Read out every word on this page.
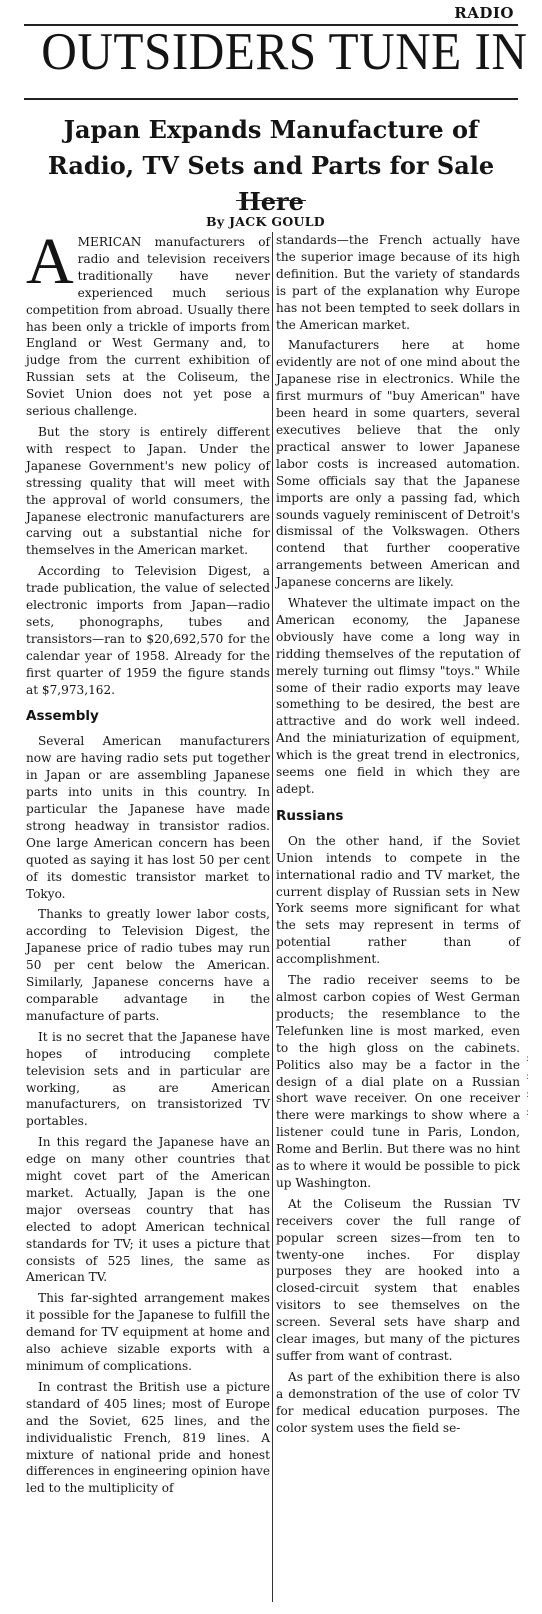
RADIO
OUTSIDERS TUNE IN
Japan Expands Manufacture of Radio, TV Sets and Parts for Sale Here
By JACK GOULD

AMERICAN manufacturers of radio and television receivers traditionally have never experienced much serious competition from abroad. Usually there has been only a trickle of imports from England or West Germany and, to judge from the current exhibition of Russian sets at the Coliseum, the Soviet Union does not yet pose a serious challenge.

But the story is entirely different with respect to Japan. Under the Japanese Government's new policy of stressing quality that will meet with the approval of world consumers, the Japanese electronic manufacturers are carving out a substantial niche for themselves in the American market.

According to Television Digest, a trade publication, the value of selected electronic imports from Japan—radio sets, phonographs, tubes and transistors—ran to $20,692,570 for the calendar year of 1958. Already for the first quarter of 1959 the figure stands at $7,973,162.

Assembly

Several American manufacturers now are having radio sets put together in Japan or are assembling Japanese parts into units in this country. In particular the Japanese have made strong headway in transistor radios. One large American concern has been quoted as saying it has lost 50 per cent of its domestic transistor market to Tokyo.

Thanks to greatly lower labor costs, according to Television Digest, the Japanese price of radio tubes may run 50 per cent below the American. Similarly, Japanese concerns have a comparable advantage in the manufacture of parts.

It is no secret that the Japanese have hopes of introducing complete television sets and in particular are working, as are American manufacturers, on transistorized TV portables.

In this regard the Japanese have an edge on many other countries that might covet part of the American market. Actually, Japan is the one major overseas country that has elected to adopt American technical standards for TV; it uses a picture that consists of 525 lines, the same as American TV.

This far-sighted arrangement makes it possible for the Japanese to fulfill the demand for TV equipment at home and also achieve sizable exports with a minimum of complications.

In contrast the British use a picture standard of 405 lines; most of Europe and the Soviet, 625 lines, and the individualistic French, 819 lines. A mixture of national pride and honest differences in engineering opinion have led to the multiplicity of

standards—the French actually have the superior image because of its high definition. But the variety of standards is part of the explanation why Europe has not been tempted to seek dollars in the American market.

Manufacturers here at home evidently are not of one mind about the Japanese rise in electronics. While the first murmurs of "buy American" have been heard in some quarters, several executives believe that the only practical answer to lower Japanese labor costs is increased automation. Some officials say that the Japanese imports are only a passing fad, which sounds vaguely reminiscent of Detroit's dismissal of the Volkswagen. Others contend that further cooperative arrangements between American and Japanese concerns are likely.

Whatever the ultimate impact on the American economy, the Japanese obviously have come a long way in ridding themselves of the reputation of merely turning out flimsy "toys." While some of their radio exports may leave something to be desired, the best are attractive and do work well indeed. And the miniaturization of equipment, which is the great trend in electronics, seems one field in which they are adept.

Russians

On the other hand, if the Soviet Union intends to compete in the international radio and TV market, the current display of Russian sets in New York seems more significant for what the sets may represent in terms of potential rather than of accomplishment.

The radio receiver seems to be almost carbon copies of West German products; the resemblance to the Telefunken line is most marked, even to the high gloss on the cabinets. Politics also may be a factor in the design of a dial plate on a Russian short wave receiver. On one receiver there were markings to show where a listener could tune in Paris, London, Rome and Berlin. But there was no hint as to where it would be possible to pick up Washington.

At the Coliseum the Russian TV receivers cover the full range of popular screen sizes—from ten to twenty-one inches. For display purposes they are hooked into a closed-circuit system that enables visitors to see themselves on the screen. Several sets have sharp and clear images, but many of the pictures suffer from want of contrast.

As part of the exhibition there is also a demonstration of the use of color TV for medical education purposes. The color system uses the field se-

:
:
:
:
